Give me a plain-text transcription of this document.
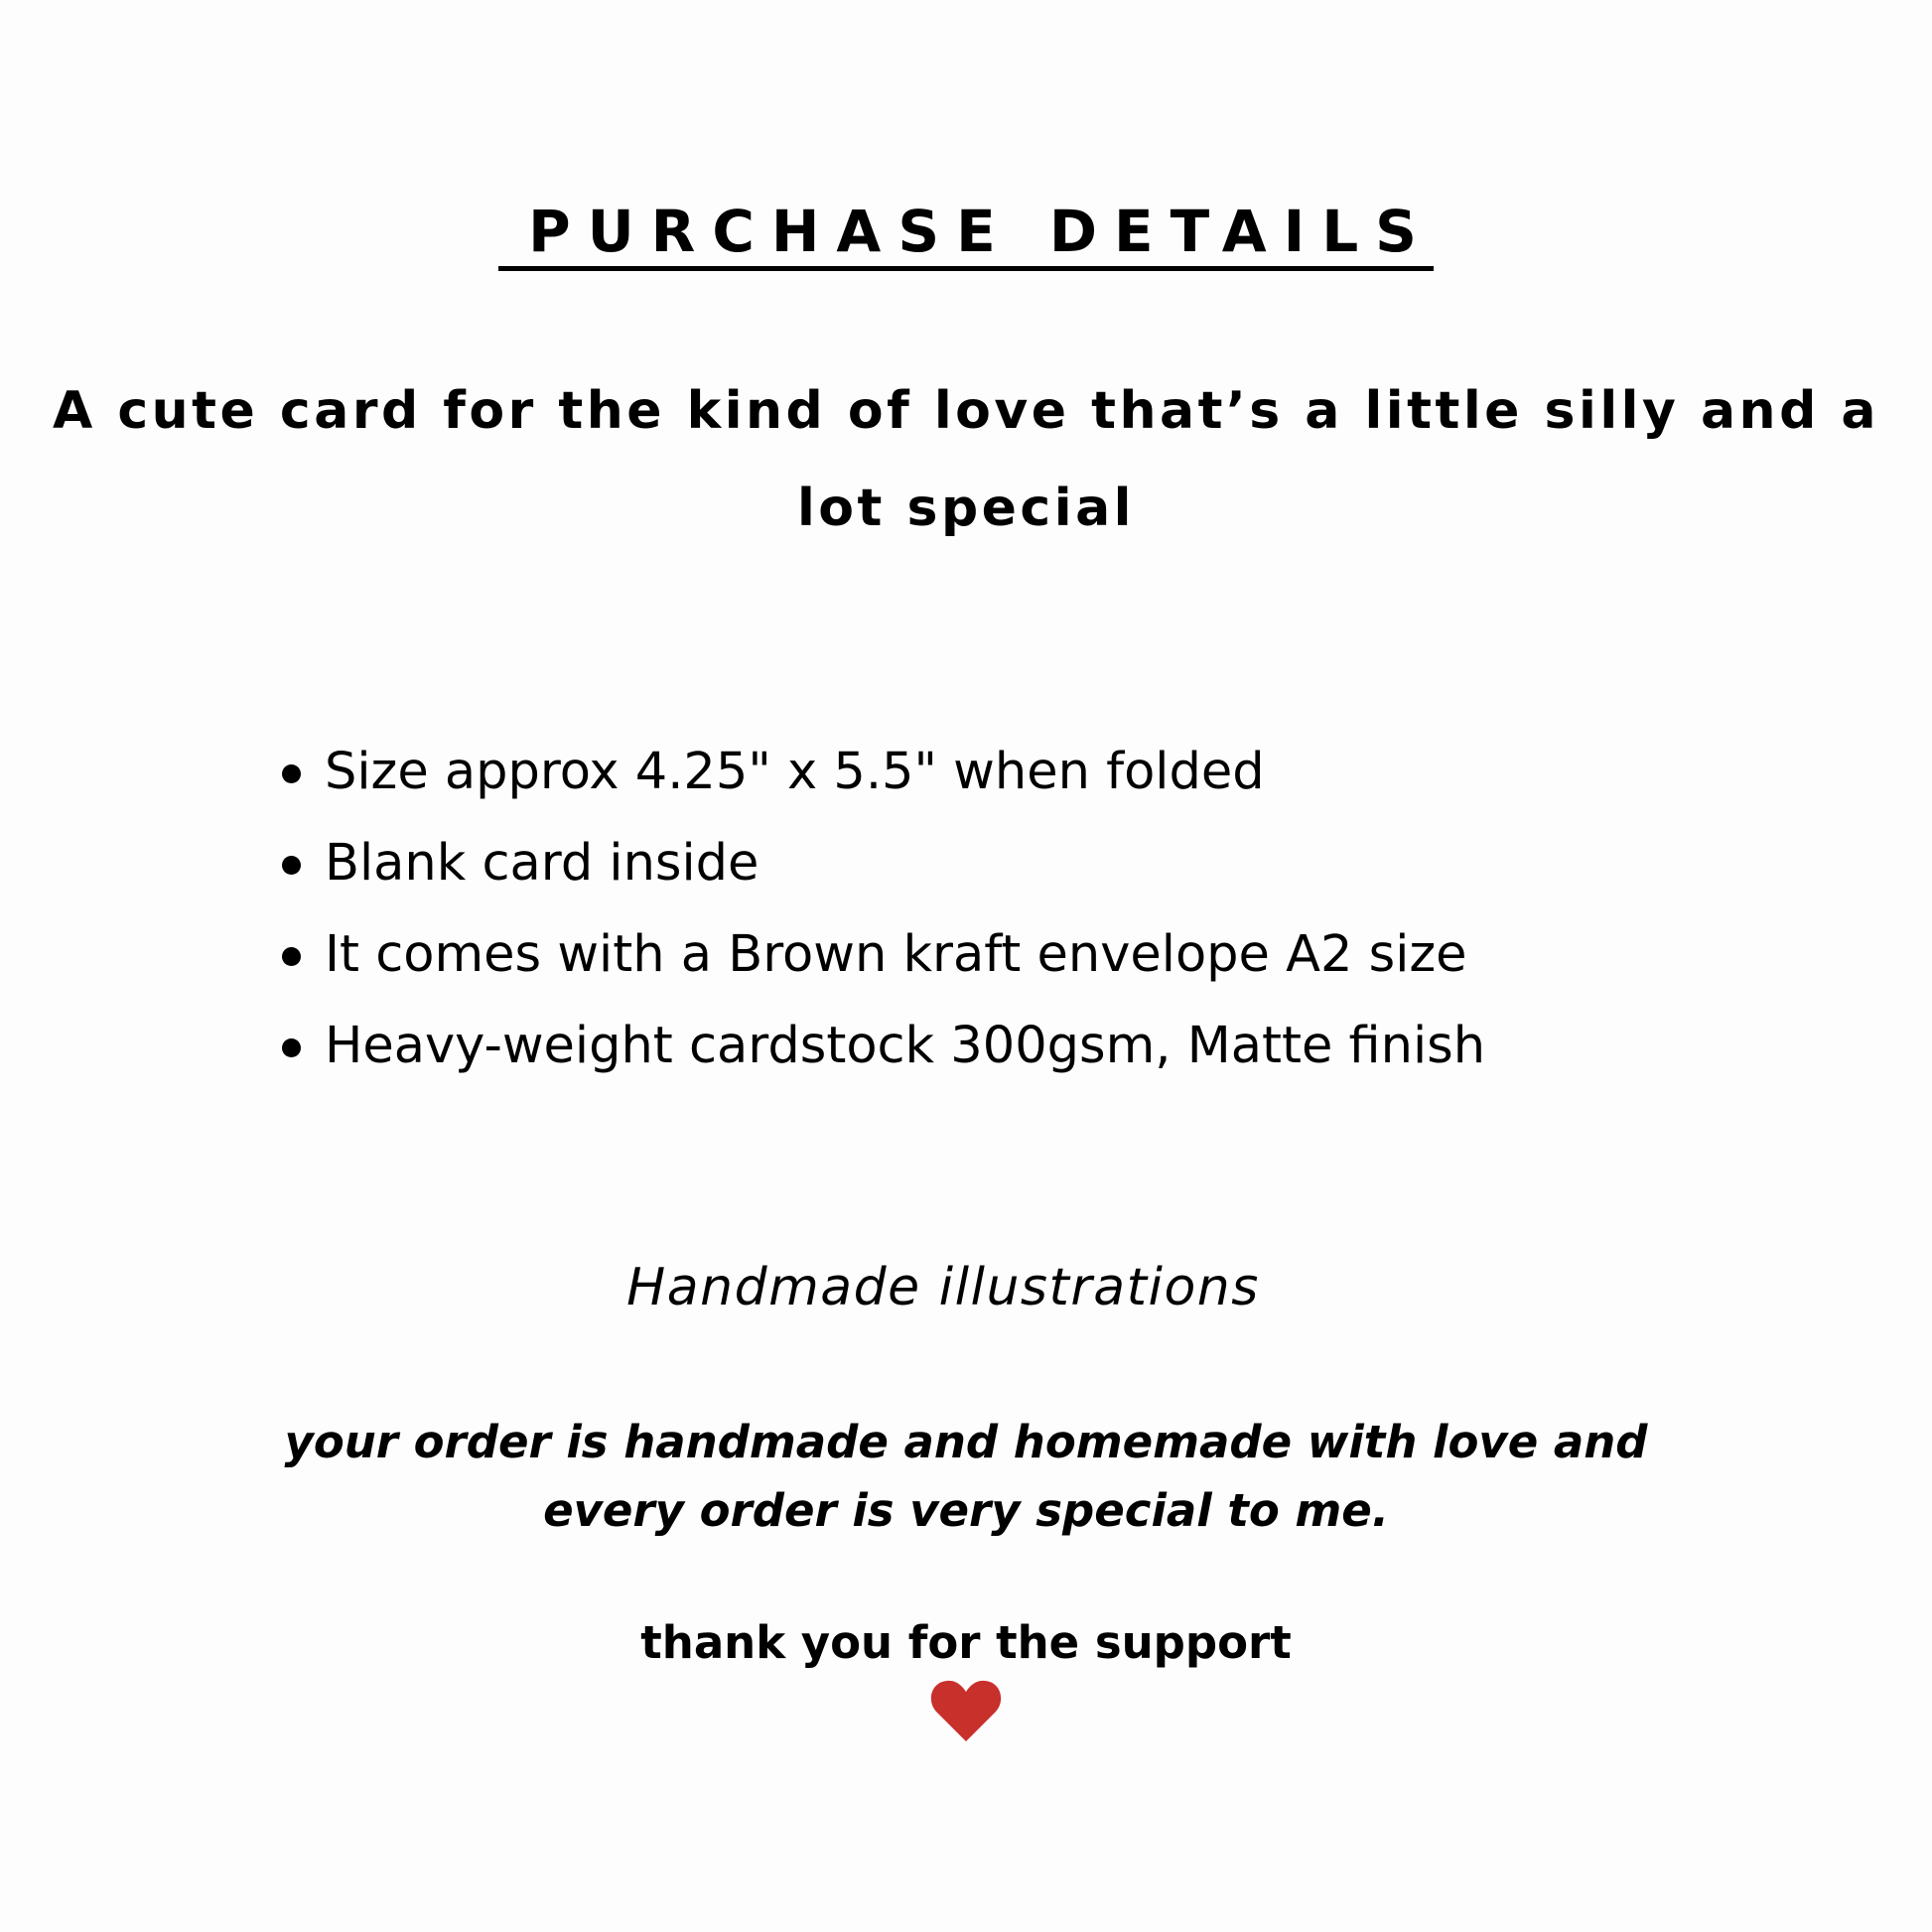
PURCHASE DETAILS

A cute card for the kind of love that’s a little silly and a lot special

Size approx 4.25" x 5.5" when folded
Blank card inside
It comes with a Brown kraft envelope A2 size
Heavy-weight cardstock 300gsm, Matte finish

Handmade illustrations

your order is handmade and homemade with love and
every order is very special to me.

thank you for the support
